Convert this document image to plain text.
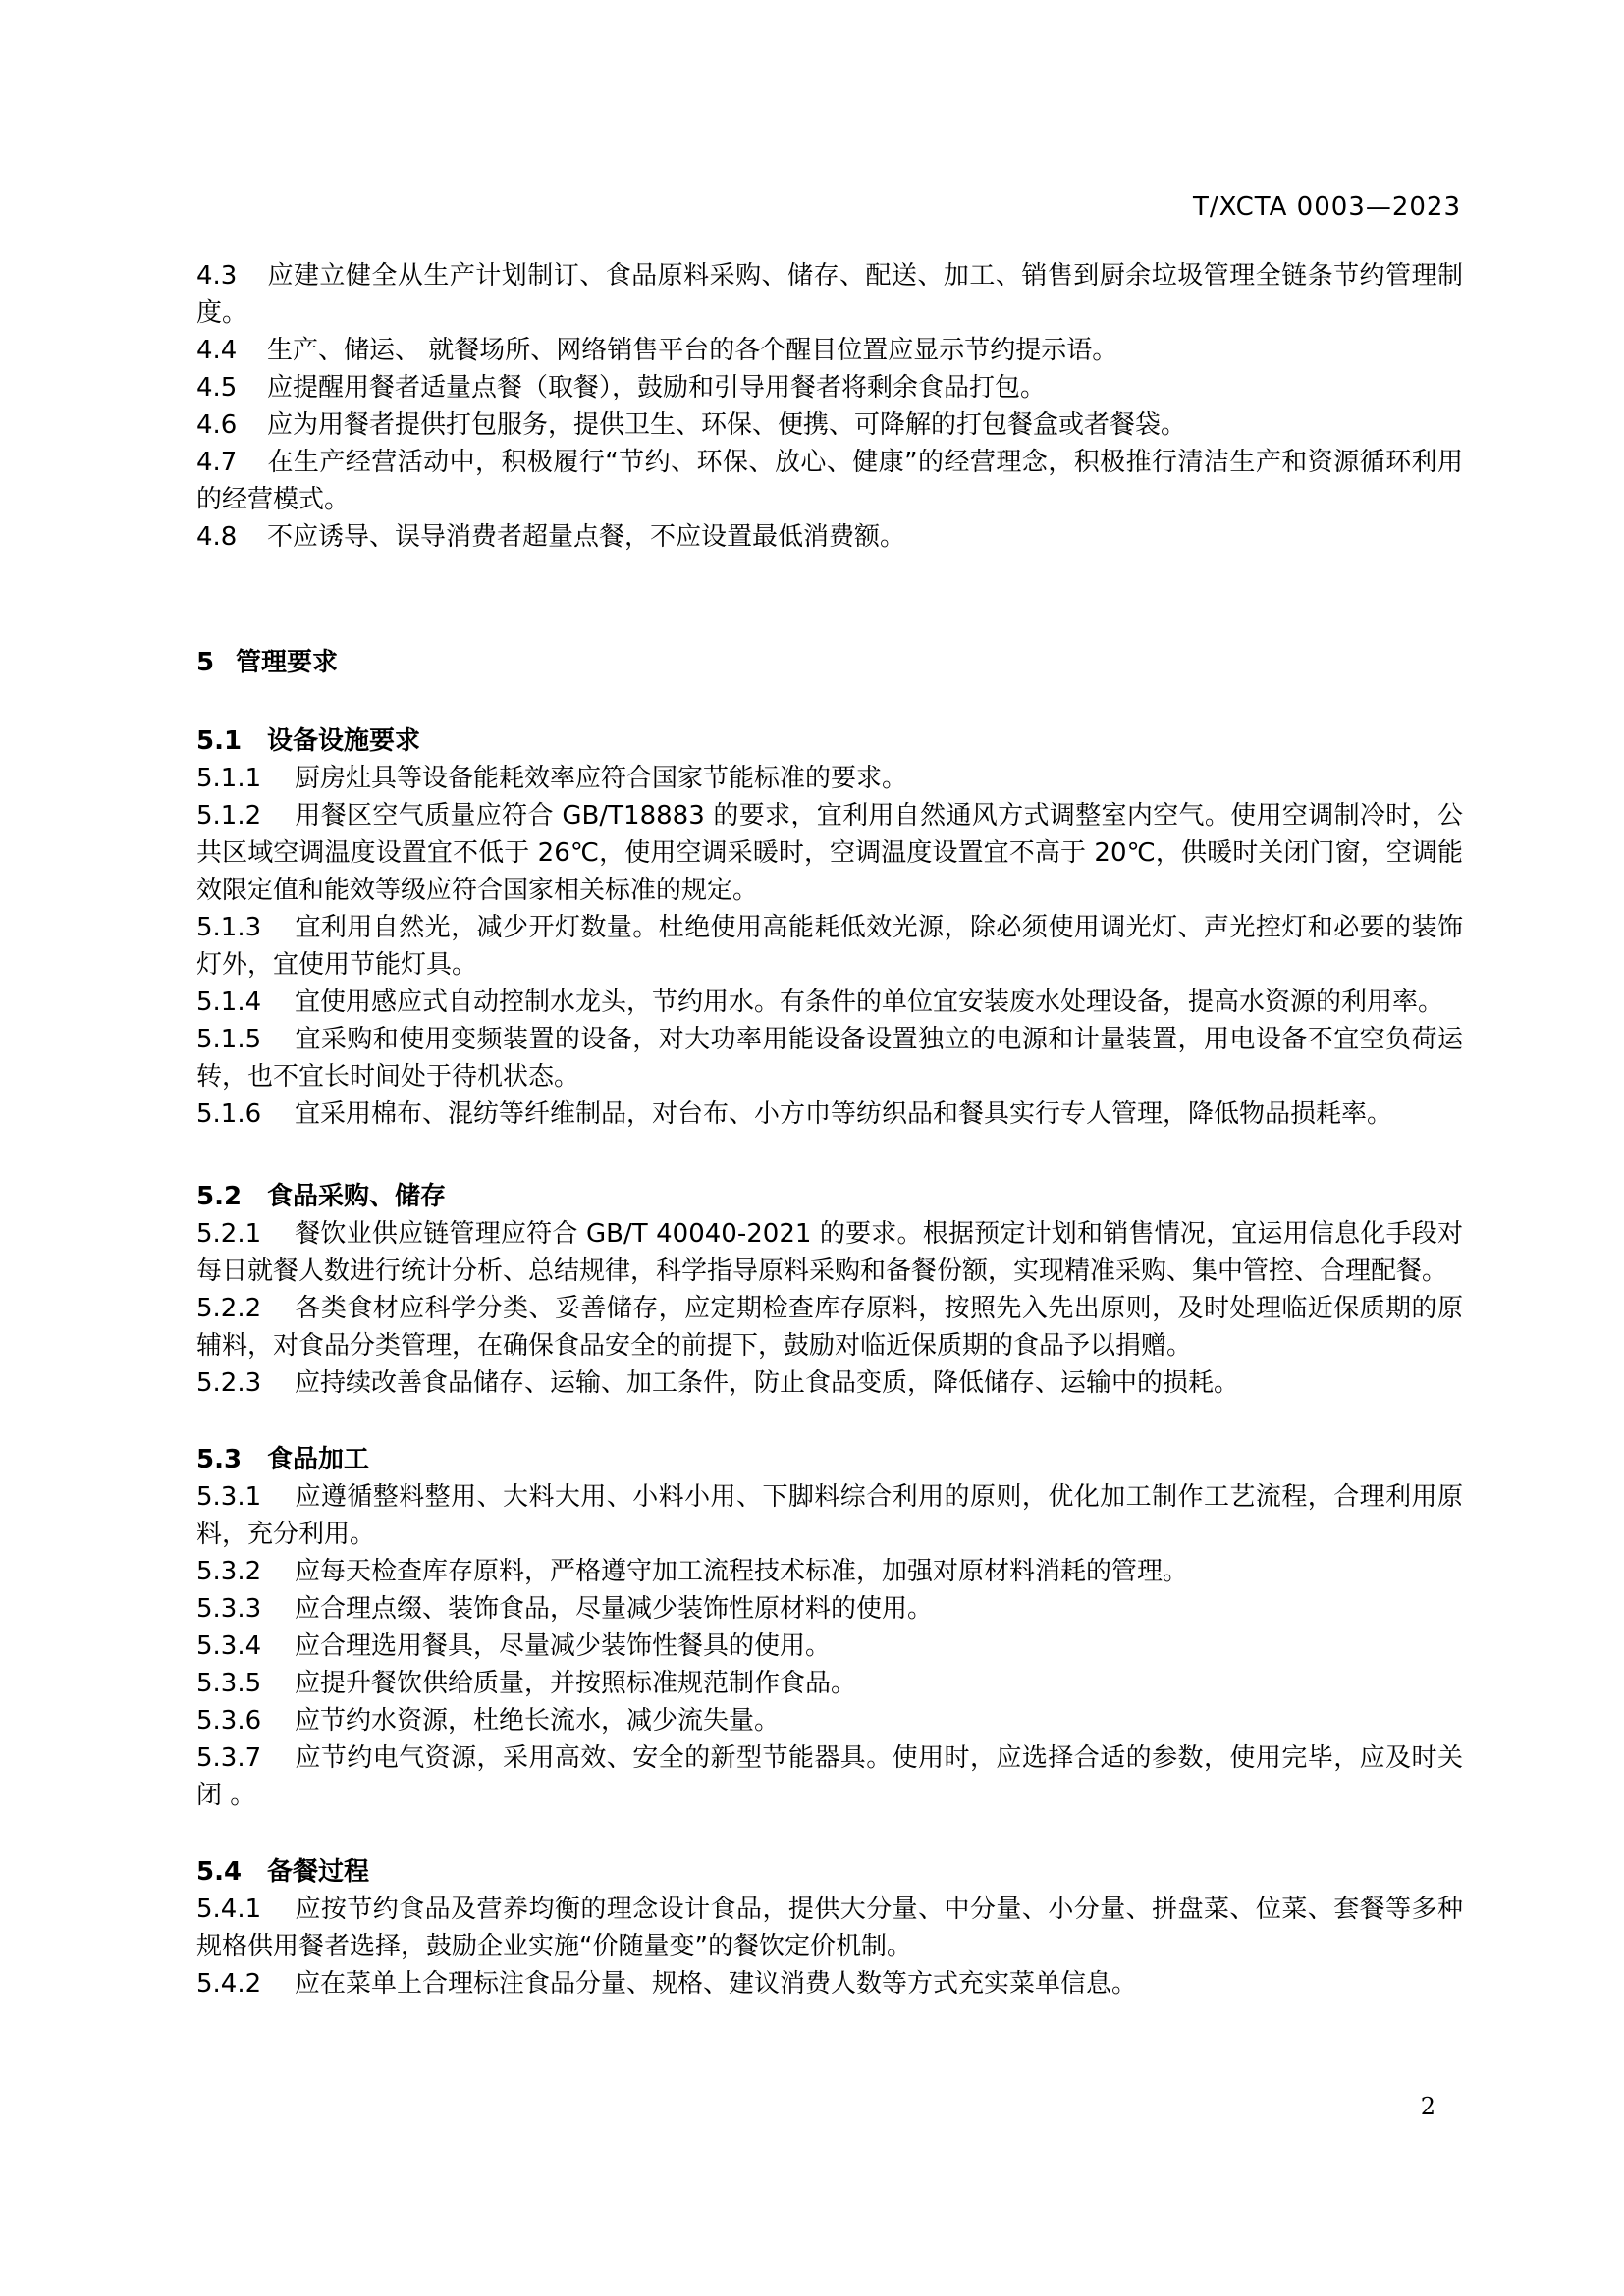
T/XCTA 0003—2023

4.3 应建立健全从生产计划制订、食品原料采购、储存、配送、加工、销售到厨余垃圾管理全链条节约管理制度。

4.4 生产、储运、 就餐场所、网络销售平台的各个醒目位置应显示节约提示语。

4.5 应提醒用餐者适量点餐（取餐），鼓励和引导用餐者将剩余食品打包。

4.6 应为用餐者提供打包服务，提供卫生、环保、便携、可降解的打包餐盒或者餐袋。

4.7 在生产经营活动中，积极履行“节约、环保、放心、健康”的经营理念，积极推行清洁生产和资源循环利用的经营模式。

4.8 不应诱导、误导消费者超量点餐，不应设置最低消费额。

5 管理要求
5.1 设备设施要求

5.1.1 厨房灶具等设备能耗效率应符合国家节能标准的要求。

5.1.2 用餐区空气质量应符合 GB/T18883 的要求，宜利用自然通风方式调整室内空气。使用空调制冷时，公共区域空调温度设置宜不低于 26℃，使用空调采暖时，空调温度设置宜不高于 20℃，供暖时关闭门窗，空调能效限定值和能效等级应符合国家相关标准的规定。

5.1.3 宜利用自然光，减少开灯数量。杜绝使用高能耗低效光源，除必须使用调光灯、声光控灯和必要的装饰灯外，宜使用节能灯具。

5.1.4 宜使用感应式自动控制水龙头，节约用水。有条件的单位宜安装废水处理设备，提高水资源的利用率。

5.1.5 宜采购和使用变频装置的设备，对大功率用能设备设置独立的电源和计量装置，用电设备不宜空负荷运转，也不宜长时间处于待机状态。

5.1.6 宜采用棉布、混纺等纤维制品，对台布、小方巾等纺织品和餐具实行专人管理，降低物品损耗率。

5.2 食品采购、储存

5.2.1 餐饮业供应链管理应符合 GB/T 40040-2021 的要求。根据预定计划和销售情况，宜运用信息化手段对每日就餐人数进行统计分析、总结规律，科学指导原料采购和备餐份额，实现精准采购、集中管控、合理配餐。

5.2.2 各类食材应科学分类、妥善储存，应定期检查库存原料，按照先入先出原则，及时处理临近保质期的原辅料，对食品分类管理，在确保食品安全的前提下，鼓励对临近保质期的食品予以捐赠。

5.2.3 应持续改善食品储存、运输、加工条件，防止食品变质，降低储存、运输中的损耗。

5.3 食品加工

5.3.1 应遵循整料整用、大料大用、小料小用、下脚料综合利用的原则，优化加工制作工艺流程，合理利用原料，充分利用。

5.3.2 应每天检查库存原料，严格遵守加工流程技术标准，加强对原材料消耗的管理。

5.3.3 应合理点缀、装饰食品，尽量减少装饰性原材料的使用。

5.3.4 应合理选用餐具，尽量减少装饰性餐具的使用。

5.3.5 应提升餐饮供给质量，并按照标准规范制作食品。

5.3.6 应节约水资源，杜绝长流水，减少流失量。

5.3.7 应节约电气资源，采用高效、安全的新型节能器具。使用时，应选择合适的参数，使用完毕，应及时关闭 。

5.4 备餐过程

5.4.1 应按节约食品及营养均衡的理念设计食品，提供大分量、中分量、小分量、拼盘菜、位菜、套餐等多种规格供用餐者选择，鼓励企业实施“价随量变”的餐饮定价机制。

5.4.2 应在菜单上合理标注食品分量、规格、建议消费人数等方式充实菜单信息。

2
